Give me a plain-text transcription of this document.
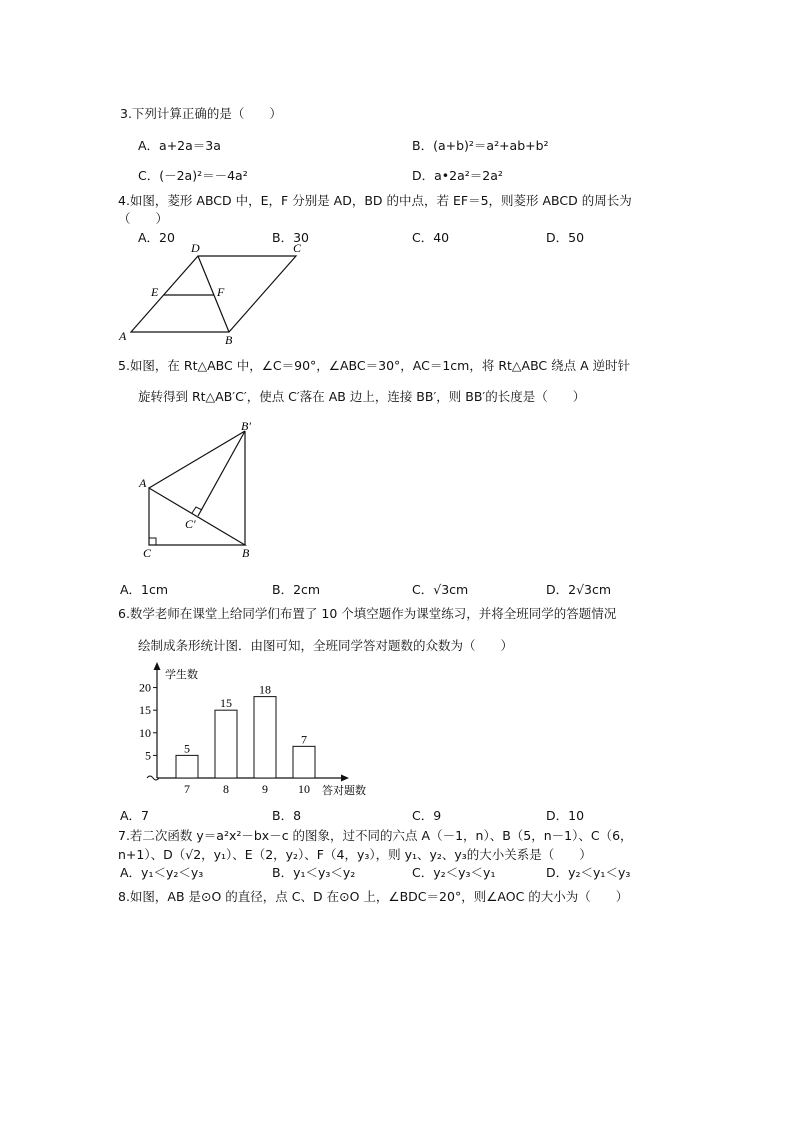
3.下列计算正确的是（　　）
A．a+2a＝3a	B．(a+b)²＝a²+ab+b²
C．(－2a)²＝－4a²	D．a•2a²＝2a²
4.如图，菱形 ABCD 中，E，F 分别是 AD，BD 的中点，若 EF＝5，则菱形 ABCD 的周长为
（　　）
A．20	B．30	C．40	D．50
A	B
C
D
E	F
5.如图，在 Rt△ABC 中，∠C＝90°，∠ABC＝30°，AC＝1cm，将 Rt△ABC 绕点 A 逆时针
旋转得到 Rt△AB′C′，使点 C′落在 AB 边上，连接 BB′，则 BB′的长度是（　　）
A
B
C
B′
C′
A．1cm	B．2cm	C．√3cm	D．2√3cm
6.数学老师在课堂上给同学们布置了 10 个填空题作为课堂练习，并将全班同学的答题情况
绘制成条形统计图．由图可知，全班同学答对题数的众数为（　　）
学生数
答对题数
5
10
15
20
5
7
15
8
18
9
7
10
A．7	B．8	C．9	D．10
7.若二次函数 y＝a²x²－bx－c 的图象，过不同的六点 A（－1，n）、B（5，n－1）、C（6，
n+1）、D（√2，y₁）、E（2，y₂）、F（4，y₃），则 y₁、y₂、y₃的大小关系是（　　）
A．y₁＜y₂＜y₃	B．y₁＜y₃＜y₂	C．y₂＜y₃＜y₁	D．y₂＜y₁＜y₃
8.如图，AB 是⊙O 的直径，点 C、D 在⊙O 上，∠BDC＝20°，则∠AOC 的大小为（　　）
